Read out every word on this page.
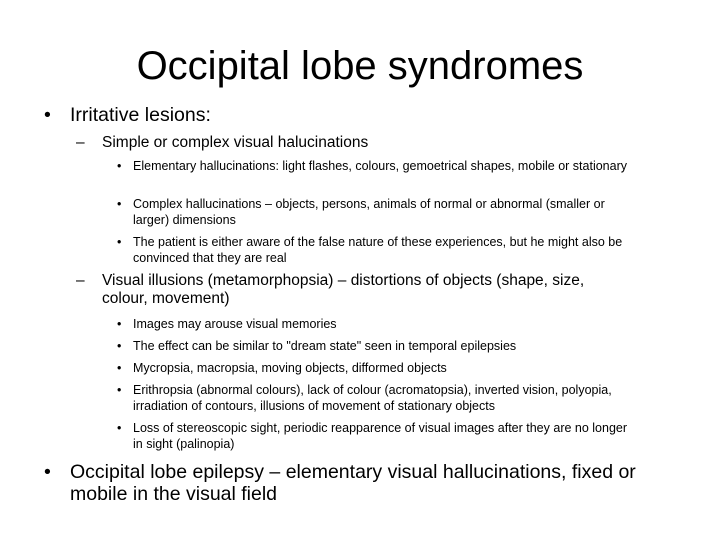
Occipital lobe syndromes
• Irritative lesions:
– Simple or complex visual halucinations
• Elementary hallucinations: light flashes, colours, gemoetrical shapes, mobile or stationary
• Complex hallucinations – objects, persons, animals of normal or abnormal (smaller or larger) dimensions
• The patient is either aware of the false nature of these experiences, but he might also be convinced that they are real
– Visual illusions (metamorphopsia) – distortions of objects (shape, size, colour, movement)
• Images may arouse visual memories
• The effect can be similar to "dream state" seen in temporal epilepsies
• Mycropsia, macropsia, moving objects, difformed objects
• Erithropsia (abnormal colours), lack of colour (acromatopsia), inverted vision, polyopia, irradiation of contours, illusions of movement of stationary objects
• Loss of stereoscopic sight, periodic reapparence of visual images after they are no longer in sight (palinopia)
• Occipital lobe epilepsy – elementary visual hallucinations, fixed or mobile in the visual field
